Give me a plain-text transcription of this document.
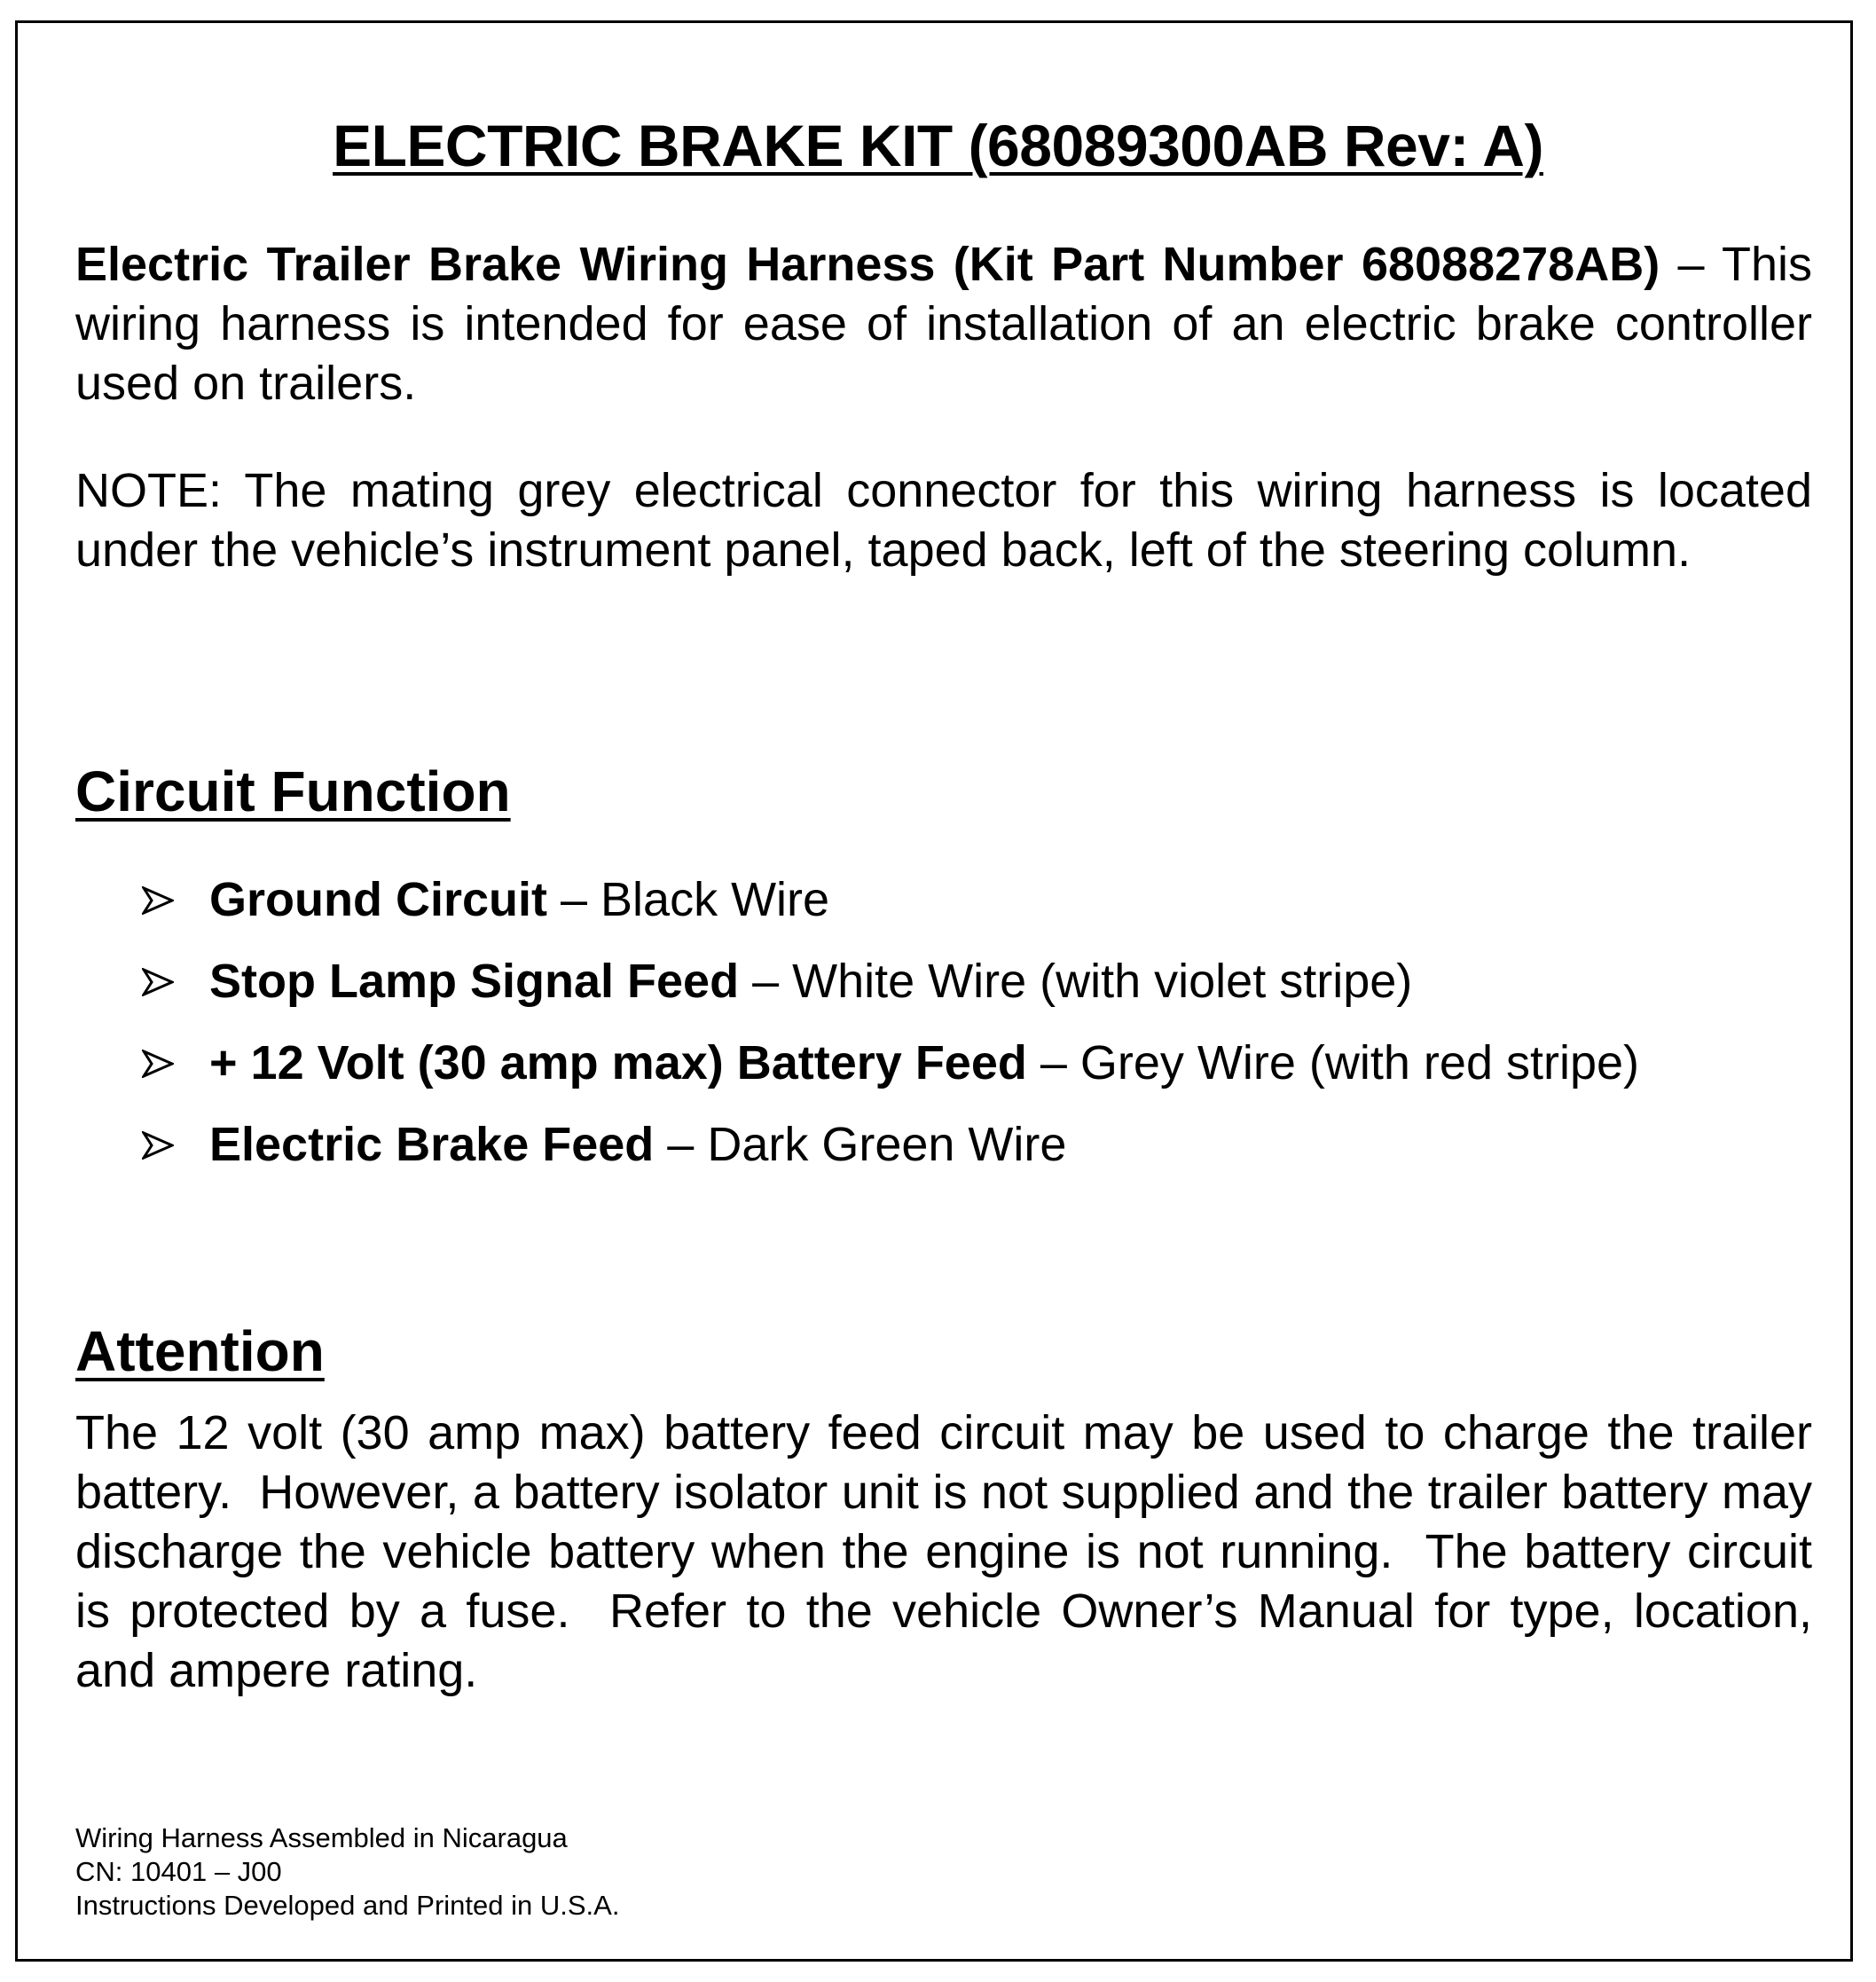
ELECTRIC BRAKE KIT (68089300AB Rev: A)

Electric Trailer Brake Wiring Harness (Kit Part Number 68088278AB) – This wiring harness is intended for ease of installation of an electric brake controller used on trailers.

NOTE: The mating grey electrical connector for this wiring harness is located under the vehicle’s instrument panel, taped back, left of the steering column.

Circuit Function
Ground Circuit – Black Wire
Stop Lamp Signal Feed – White Wire (with violet stripe)
+ 12 Volt (30 amp max) Battery Feed – Grey Wire (with red stripe)
Electric Brake Feed – Dark Green Wire
Attention

The 12 volt (30 amp max) battery feed circuit may be used to charge the trailer battery.  However, a battery isolator unit is not supplied and the trailer battery may discharge the vehicle battery when the engine is not running.  The battery circuit is protected by a fuse.  Refer to the vehicle Owner’s Manual for type, location, and ampere rating.

Wiring Harness Assembled in Nicaragua
CN: 10401 – J00
Instructions Developed and Printed in U.S.A.
